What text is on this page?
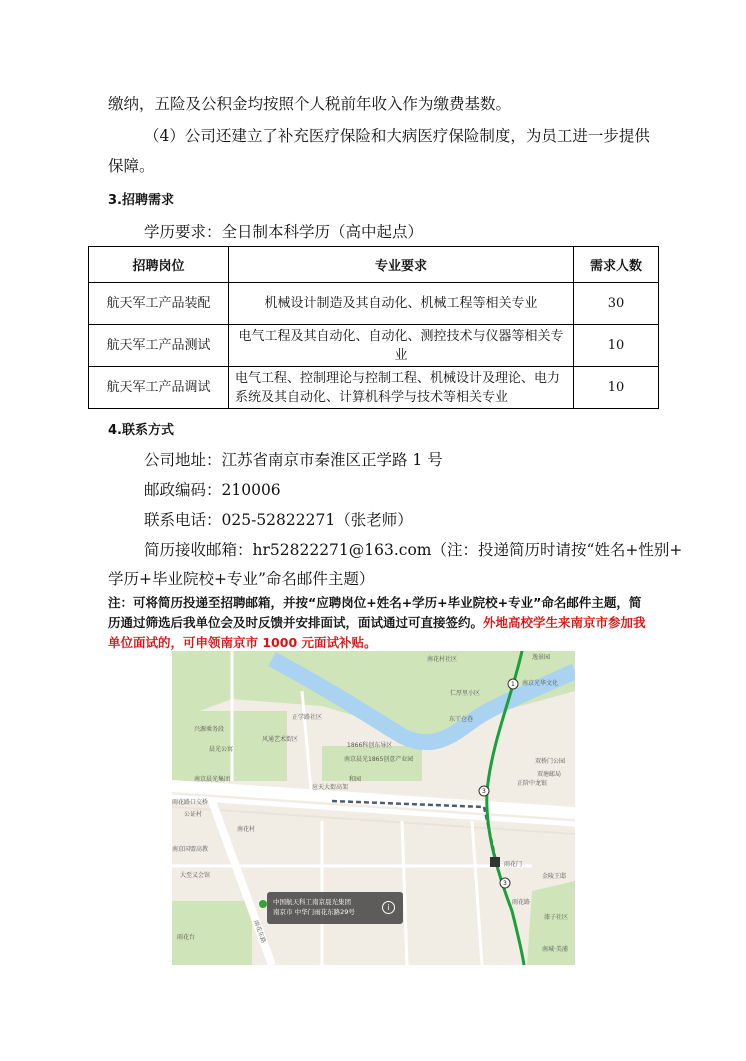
缴纳，五险及公积金均按照个人税前年收入作为缴费基数。
（4）公司还建立了补充医疗保险和大病医疗保险制度，为员工进一步提供
保障。
3.招聘需求
学历要求：全日制本科学历（高中起点）
招聘岗位	专业要求	需求人数
航天军工产品装配	机械设计制造及其自动化、机械工程等相关专业	30
航天军工产品测试	电气工程及其自动化、自动化、测控技术与仪器等相关专业	10
航天军工产品调试	电气工程、控制理论与控制工程、机械设计及理论、电力系统及其自动化、计算机科学与技术等相关专业	10
4.联系方式
公司地址：江苏省南京市秦淮区正学路 1 号
邮政编码：210006
联系电话：025-52822271（张老师）
简历接收邮箱：hr52822271@163.com（注：投递简历时请按“姓名+性别+
学历+毕业院校+专业”命名邮件主题）
注：可将简历投递至招聘邮箱，并按“应聘岗位+姓名+学历+毕业院校+专业”命名邮件主题，简历通过筛选后我单位会及时反馈并安排面试，面试通过可直接签约。外地高校学生来南京市参加我单位面试的，可申领南京市 1000 元面试补贴。
南花村社区	逸景园
南京光华文化
仁厚里小区
双塘邮局
东干仓巷
正学路社区
1866科创东导区
兴源乘务段
晨光公寓
风通艺术街区
南京晨光1865创意产业园
和园
双桥门公园
南京晨光集团
应天大街高架
正阶中龙银
雨花路口交桥
公证村
南花村
南京国盟高教
大至义会馆
雨花门
金陵王邸
雨花路
漆子社区
雨花台
南城·美浦
雨花东路
1
3
3
中国航天科工南京晨光集团
南京市 中华门雨花东路29号	i
